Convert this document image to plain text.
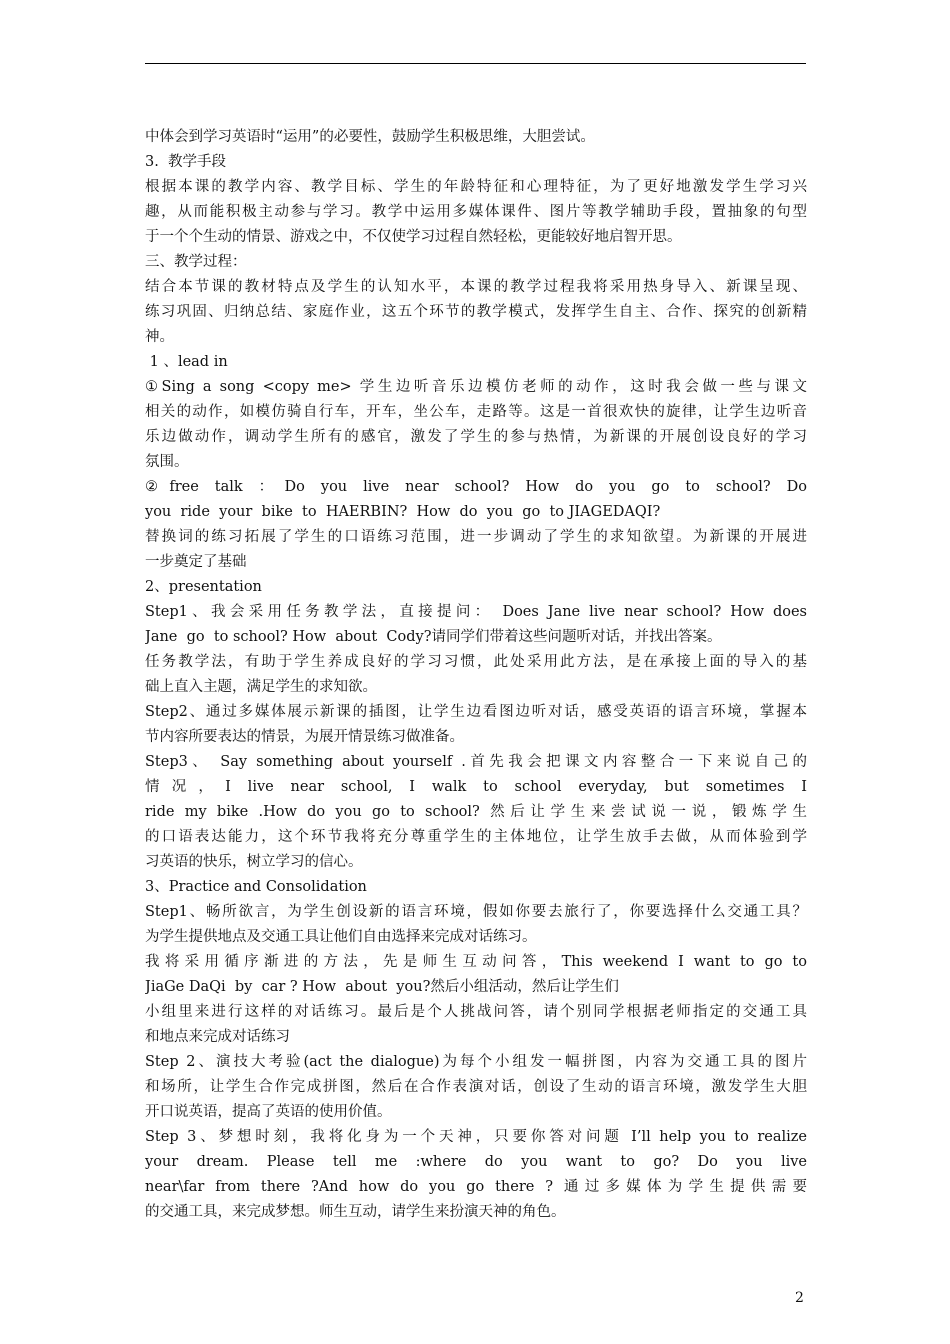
中体会到学习英语时“运用”的必要性，鼓励学生积极思维，大胆尝试。
3.  教学手段
根据本课的教学内容、教学目标、学生的年龄特征和心理特征，为了更好地激发学生学习兴
趣，从而能积极主动参与学习。教学中运用多媒体课件、图片等教学辅助手段，置抽象的句型
于一个个生动的情景、游戏之中，不仅使学习过程自然轻松，更能较好地启智开思。
三、教学过程：
结合本节课的教材特点及学生的认知水平，本课的教学过程我将采用热身导入、新课呈现、
练习巩固、归纳总结、家庭作业，这五个环节的教学模式，发挥学生自主、合作、探究的创新精
神。
1 、lead in
①Sing a song <copy me> 学生边听音乐边模仿老师的动作，这时我会做一些与课文
相关的动作，如模仿骑自行车，开车，坐公车，走路等。这是一首很欢快的旋律，让学生边听音
乐边做动作，调动学生所有的感官，激发了学生的参与热情，为新课的开展创设良好的学习
氛围。
②free talk ：Do you live near school? How do you go to school? Do
you  ride  your  bike  to  HAERBIN?  How  do  you  go  to JIAGEDAQI?
替换词的练习拓展了学生的口语练习范围，进一步调动了学生的求知欲望。为新课的开展进
一步奠定了基础
2、presentation
Step1、我会采用任务教学法，直接提问： Does Jane live near school? How does
Jane  go  to school? How  about  Cody?请同学们带着这些问题听对话，并找出答案。
任务教学法，有助于学生养成良好的学习习惯，此处采用此方法，是在承接上面的导入的基
础上直入主题，满足学生的求知欲。
Step2、通过多媒体展示新课的插图，让学生边看图边听对话，感受英语的语言环境，掌握本
节内容所要表达的情景，为展开情景练习做准备。
Step3、 Say something about yourself .首先我会把课文内容整合一下来说自己的
情况，I live near school, I walk to school everyday, but sometimes I
ride my bike .How do you go to school? 然后让学生来尝试说一说，锻炼学生
的口语表达能力，这个环节我将充分尊重学生的主体地位，让学生放手去做，从而体验到学
习英语的快乐，树立学习的信心。
3、Practice and Consolidation
Step1、畅所欲言，为学生创设新的语言环境，假如你要去旅行了，你要选择什么交通工具？
为学生提供地点及交通工具让他们自由选择来完成对话练习。
我将采用循序渐进的方法，先是师生互动问答，This weekend I want to go to
JiaGe DaQi  by  car ? How  about  you?然后小组活动，然后让学生们
小组里来进行这样的对话练习。最后是个人挑战问答，请个别同学根据老师指定的交通工具
和地点来完成对话练习
Step 2、演技大考验(act the dialogue)为每个小组发一幅拼图，内容为交通工具的图片
和场所，让学生合作完成拼图，然后在合作表演对话，创设了生动的语言环境，激发学生大胆
开口说英语，提高了英语的使用价值。
Step 3、梦想时刻，我将化身为一个天神，只要你答对问题 I’ll help you to realize
your dream. Please tell me :where do you want to go? Do you live
near\far from there ?And how do you go there ? 通过多媒体为学生提供需要
的交通工具，来完成梦想。师生互动，请学生来扮演天神的角色。
2
